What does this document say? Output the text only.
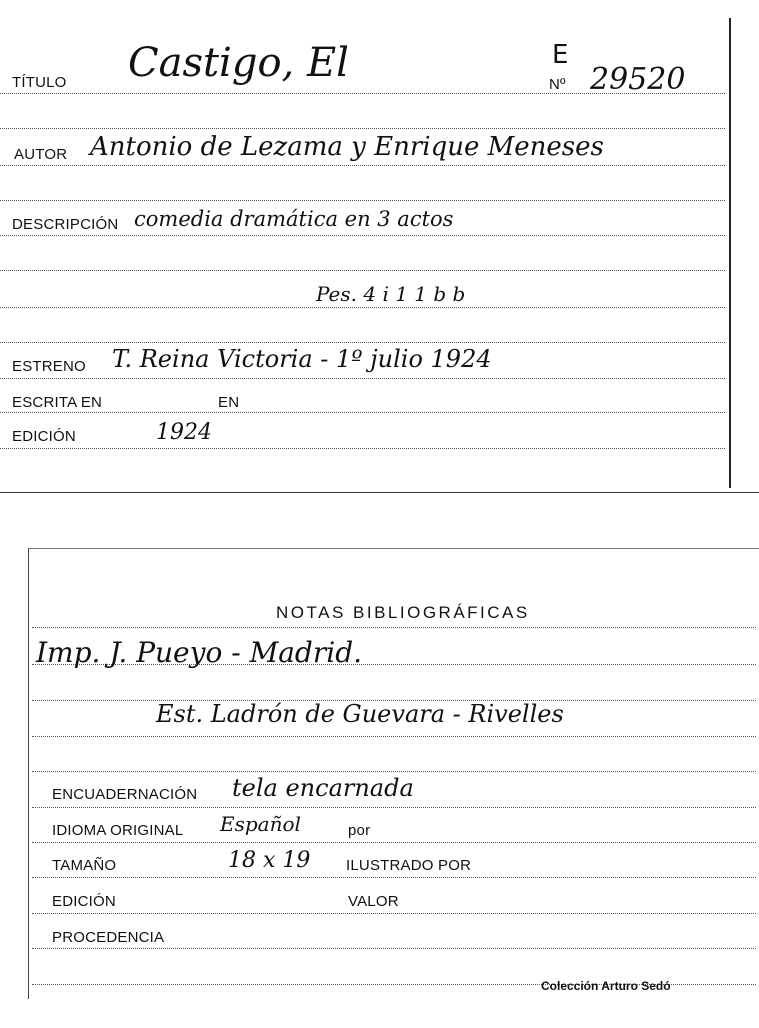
E
TÍTULO Castigo, El	Nº 29520
AUTOR Antonio de Lezama y Enrique Meneses
DESCRIPCIÓN comedia dramática en 3 actos
Pes. 4 i 1 1 b b
ESTRENO T. Reina Victoria - 1º julio 1924
ESCRITA EN	EN
EDICIÓN	1924
NOTAS BIBLIOGRÁFICAS
Imp. J. Pueyo - Madrid.
Est. Ladrón de Guevara - Rivelles
ENCUADERNACIÓN tela encarnada
IDIOMA ORIGINAL Español	por
TAMAÑO	18 x 19 ILUSTRADO POR
EDICIÓN	VALOR
PROCEDENCIA
Colección Arturo Sedó
